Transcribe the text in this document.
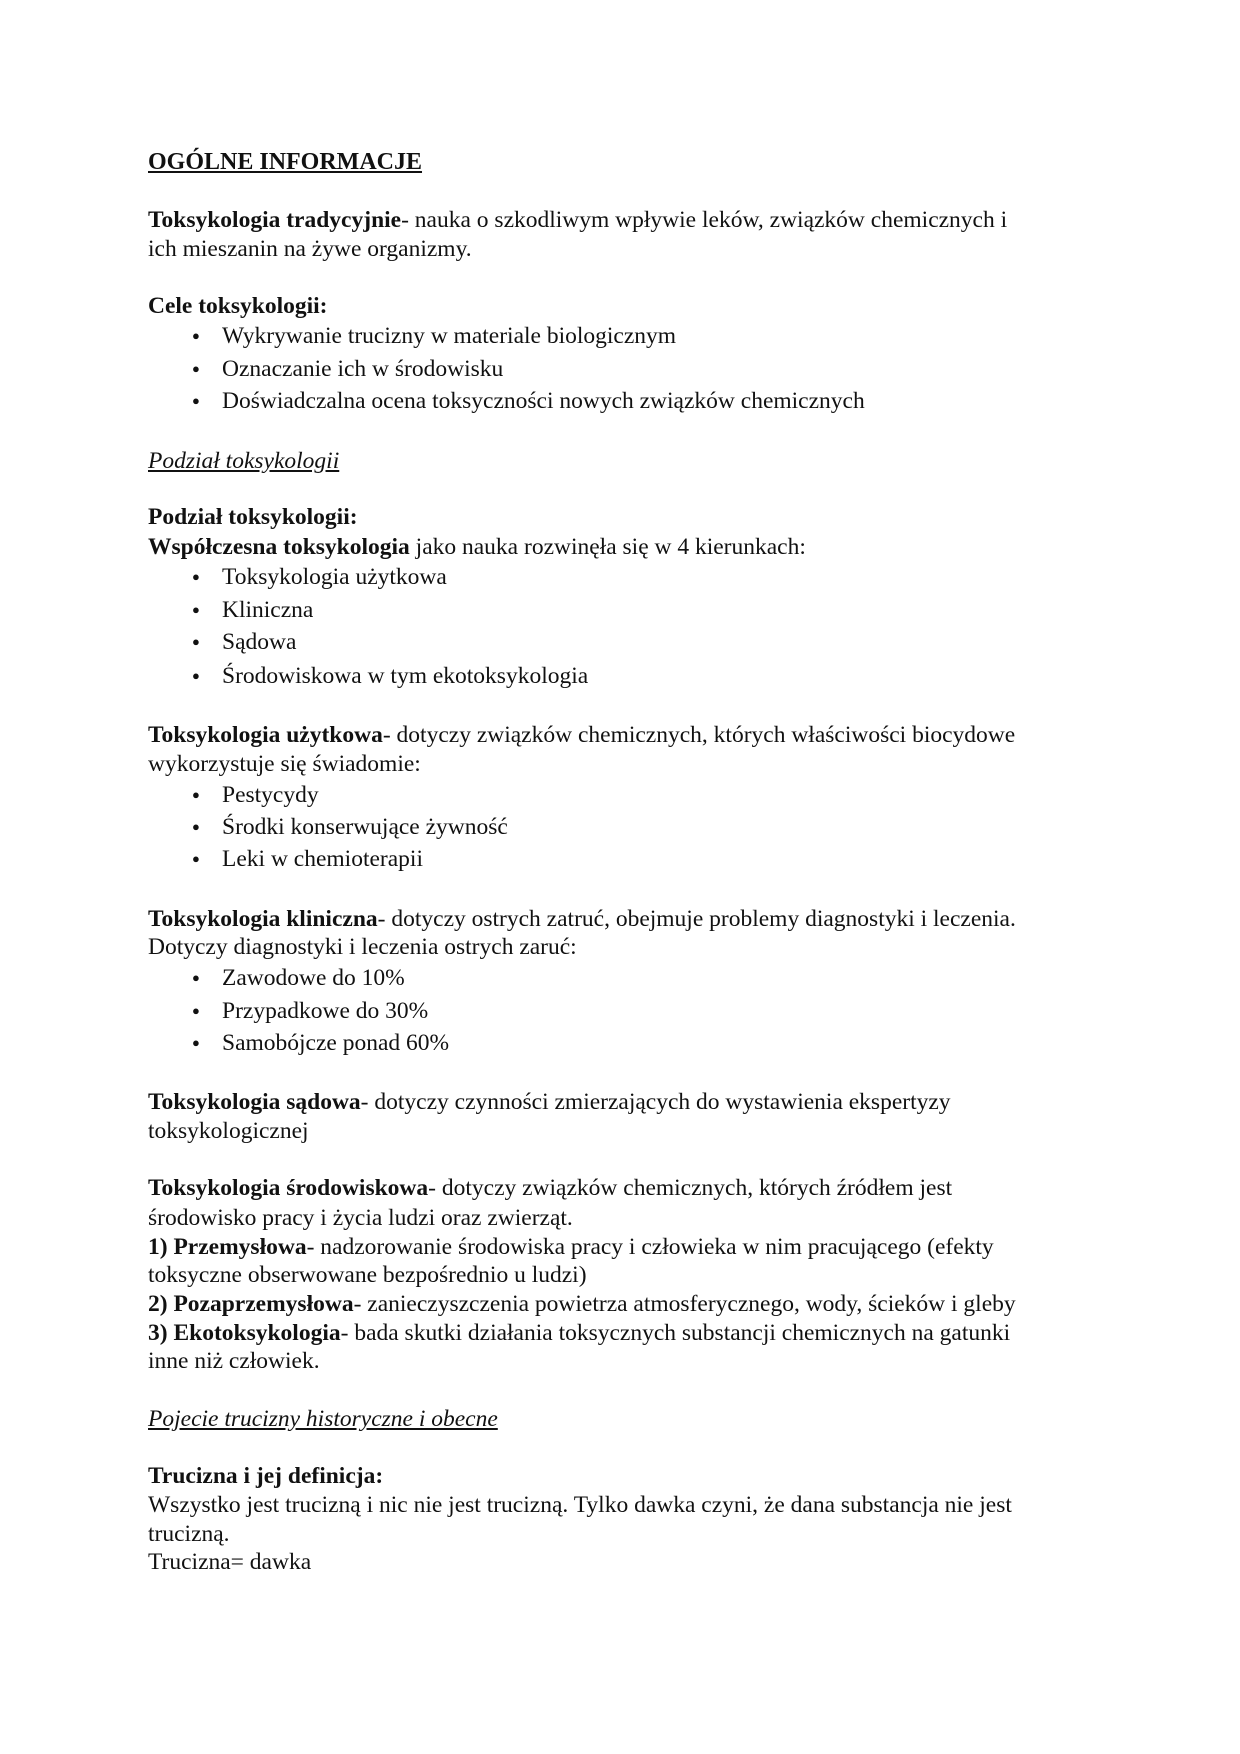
OGÓLNE INFORMACJE
Toksykologia tradycyjnie- nauka o szkodliwym wpływie leków, związków chemicznych i
ich mieszanin na żywe organizmy.
Cele toksykologii:
● Wykrywanie trucizny w materiale biologicznym
● Oznaczanie ich w środowisku
● Doświadczalna ocena toksyczności nowych związków chemicznych
Podział toksykologii
Podział toksykologii:
Współczesna toksykologia jako nauka rozwinęła się w 4 kierunkach:
● Toksykologia użytkowa
● Kliniczna
● Sądowa
● Środowiskowa w tym ekotoksykologia
Toksykologia użytkowa- dotyczy związków chemicznych, których właściwości biocydowe
wykorzystuje się świadomie:
● Pestycydy
● Środki konserwujące żywność
● Leki w chemioterapii
Toksykologia kliniczna- dotyczy ostrych zatruć, obejmuje problemy diagnostyki i leczenia.
Dotyczy diagnostyki i leczenia ostrych zaruć:
● Zawodowe do 10%
● Przypadkowe do 30%
● Samobójcze ponad 60%
Toksykologia sądowa- dotyczy czynności zmierzających do wystawienia ekspertyzy
toksykologicznej
Toksykologia środowiskowa- dotyczy związków chemicznych, których źródłem jest
środowisko pracy i życia ludzi oraz zwierząt.
1) Przemysłowa- nadzorowanie środowiska pracy i człowieka w nim pracującego (efekty
toksyczne obserwowane bezpośrednio u ludzi)
2) Pozaprzemysłowa- zanieczyszczenia powietrza atmosferycznego, wody, ścieków i gleby
3) Ekotoksykologia- bada skutki działania toksycznych substancji chemicznych na gatunki
inne niż człowiek.
Pojecie trucizny historyczne i obecne
Trucizna i jej definicja:
Wszystko jest trucizną i nic nie jest trucizną. Tylko dawka czyni, że dana substancja nie jest
trucizną.
Trucizna= dawka
